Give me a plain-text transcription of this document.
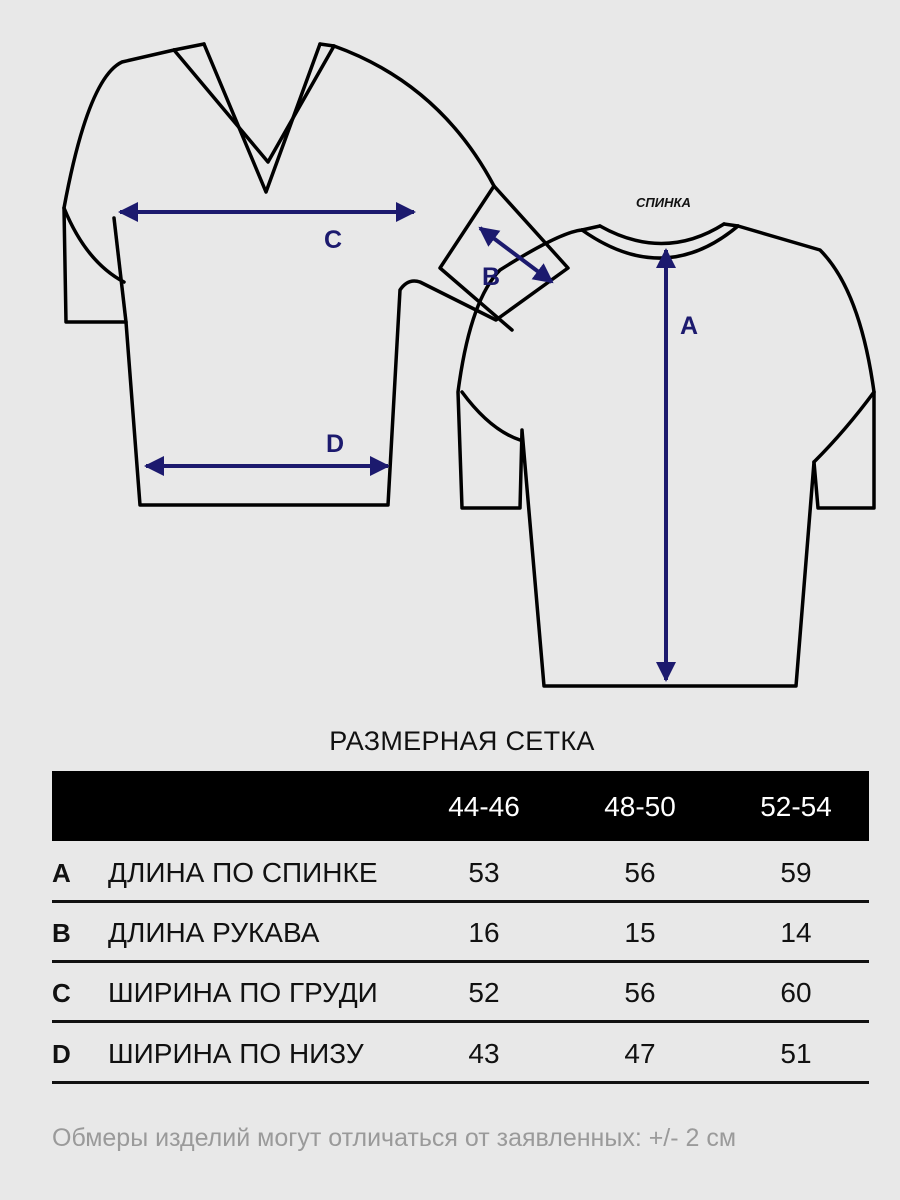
СПИНКА
C
D
B
A
РАЗМЕРНАЯ СЕТКА
44-46	48-50	52-54
A ДЛИНА ПО СПИНКЕ	53	56	59
B ДЛИНА РУКАВА	16	15	14
C ШИРИНА ПО ГРУДИ	52	56	60
D ШИРИНА ПО НИЗУ	43	47	51
Обмеры изделий могут отличаться от заявленных: +/- 2 см
